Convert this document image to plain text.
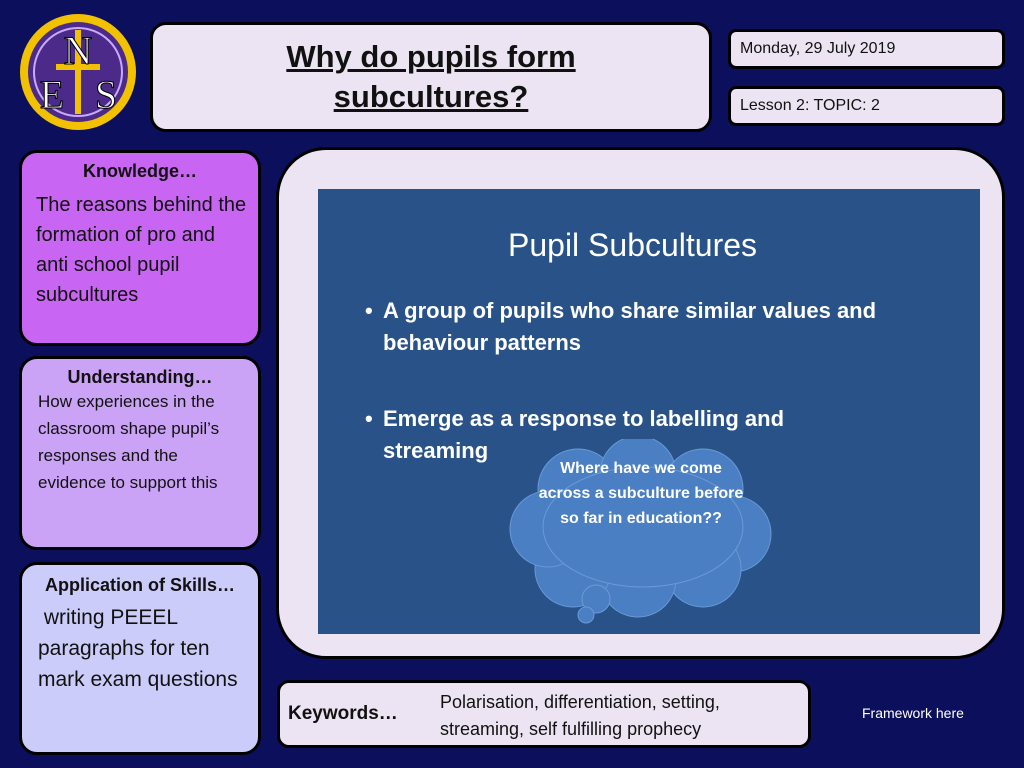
N
E S
Why do pupils form subcultures?
Monday, 29 July 2019
Lesson 2: TOPIC: 2
Knowledge…
The reasons behind the formation of pro and anti school pupil subcultures
Understanding…
How experiences in the classroom shape pupil’s responses and the evidence to support this
Application of Skills…
writing PEEEL paragraphs for ten mark exam questions
Pupil Subcultures
• A group of pupils who share similar values and behaviour patterns
• Emerge as a response to labelling and streaming
Where have we come across a subculture before so far in education??
Keywords…
Polarisation, differentiation, setting, streaming, self fulfilling prophecy
Framework here
